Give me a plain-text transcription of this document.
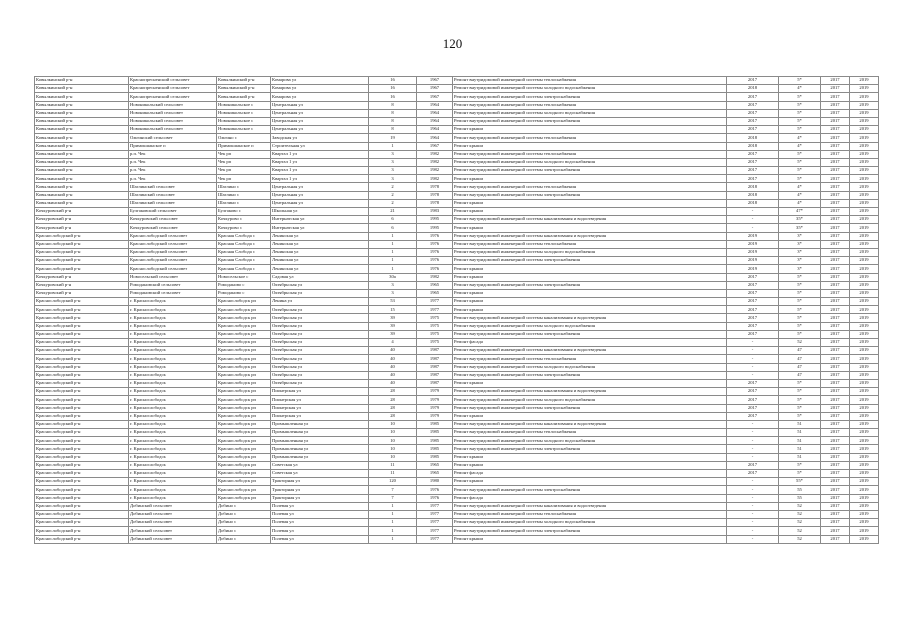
120
Ковылкинский р-н	Краснопресненский сельсовет	Ковылкинский р-н	Комарова ул	16	1967	Ремонт внутридомовой инженерной системы теплоснабжения	2017	5*	2017	2019
Ковылкинский р-н	Краснопресненский сельсовет	Ковылкинский р-н	Комарова ул	16	1967	Ремонт внутридомовой инженерной системы холодного водоснабжения	2018	4*	2017	2019
Ковылкинский р-н	Краснопресненский сельсовет	Ковылкинский р-н	Комарова ул	16	1967	Ремонт внутридомовой инженерной системы электроснабжения	2017	5*	2017	2019
Ковылкинский р-н	Новоникольский сельсовет	Новоникольское с	Центральная ул	8	1964	Ремонт внутридомовой инженерной системы теплоснабжения	2017	5*	2017	2019
Ковылкинский р-н	Новоникольский сельсовет	Новоникольское с	Центральная ул	8	1964	Ремонт внутридомовой инженерной системы холодного водоснабжения	2017	5*	2017	2019
Ковылкинский р-н	Новоникольский сельсовет	Новоникольское с	Центральная ул	8	1964	Ремонт внутридомовой инженерной системы электроснабжения	2017	5*	2017	2019
Ковылкинский р-н	Новоникольский сельсовет	Новоникольское с	Центральная ул	8	1964	Ремонт крыши	2017	5*	2017	2019
Ковылкинский р-н	Ожгинский сельсовет	Ожгино с	Заводская ул	19	1964	Ремонт внутридомовой инженерной системы теплоснабжения	2018	4*	2017	2019
Ковылкинский р-н	Примокшанское п	Примокшанское п	Строительная ул	1	1967	Ремонт крыши	2018	4*	2017	2019
Ковылкинский р-н	р.п. Чек	Чек рп	Квартал 1 ул	3	1982	Ремонт внутридомовой инженерной системы теплоснабжения	2017	5*	2017	2019
Ковылкинский р-н	р.п. Чек	Чек рп	Квартал 1 ул	3	1982	Ремонт внутридомовой инженерной системы холодного водоснабжения	2017	5*	2017	2019
Ковылкинский р-н	р.п. Чек	Чек рп	Квартал 1 ул	3	1982	Ремонт внутридомовой инженерной системы электроснабжения	2017	5*	2017	2019
Ковылкинский р-н	р.п. Чек	Чек рп	Квартал 1 ул	3	1982	Ремонт крыши	2017	5*	2017	2019
Ковылкинский р-н	Шаглинский сельсовет	Шаглино с	Центральная ул	2	1978	Ремонт внутридомовой инженерной системы теплоснабжения	2018	4*	2017	2019
Ковылкинский р-н	Шаглинский сельсовет	Шаглино с	Центральная ул	2	1978	Ремонт внутридомовой инженерной системы электроснабжения	2018	4*	2017	2019
Ковылкинский р-н	Шаглинский сельсовет	Шаглино с	Центральная ул	2	1978	Ремонт крыши	2018	4*	2017	2019
Кочкуровский р-н	Булгаковский сельсовет	Булгаково с	Школьная ул	21	1983	Ремонт крыши	-	47*	2017	2019
Кочкуровский р-н	Кочкуровский сельсовет	Кочкурово с	Интернатская ул	6	1995	Ремонт внутридомовой инженерной системы канализования и водоотведения	-	35*	2017	2019
Кочкуровский р-н	Кочкуровский сельсовет	Кочкурово с	Интернатская ул	6	1995	Ремонт крыши	-	35*	2017	2019
Краснослободский р-н	Краснослободский сельсовет	Красная Слобода с	Ленинская ул	1	1976	Ремонт внутридомовой инженерной системы канализования и водоотведения	2019	3*	2017	2019
Краснослободский р-н	Краснослободский сельсовет	Красная Слобода с	Ленинская ул	1	1976	Ремонт внутридомовой инженерной системы теплоснабжения	2019	3*	2017	2019
Краснослободский р-н	Краснослободский сельсовет	Красная Слобода с	Ленинская ул	1	1976	Ремонт внутридомовой инженерной системы холодного водоснабжения	2019	3*	2017	2019
Краснослободский р-н	Краснослободский сельсовет	Красная Слобода с	Ленинская ул	1	1976	Ремонт внутридомовой инженерной системы электроснабжения	2019	3*	2017	2019
Краснослободский р-н	Краснослободский сельсовет	Красная Слобода с	Ленинская ул	1	1976	Ремонт крыши	2019	3*	2017	2019
Кочкуровский р-н	Новосельский сельсовет	Новосельское с	Садовая ул	30а	1982	Ремонт крыши	2017	5*	2017	2019
Кочкуровский р-н	Ромодановский сельсовет	Ромоданово с	Октябрьская ул	3	1965	Ремонт внутридомовой инженерной системы электроснабжения	2017	5*	2017	2019
Кочкуровский р-н	Ромодановский сельсовет	Ромоданово с	Октябрьская ул	3	1965	Ремонт крыши	2017	5*	2017	2019
Краснослободский р-н	г. Краснослободск	Краснослободск рп	Ленина ул	53	1977	Ремонт крыши	2017	5*	2017	2019
Краснослободский р-н	г. Краснослободск	Краснослободск рп	Октябрьская ул	15	1977	Ремонт крыши	2017	5*	2017	2019
Краснослободский р-н	г. Краснослободск	Краснослободск рп	Октябрьская ул	39	1975	Ремонт внутридомовой инженерной системы канализования и водоотведения	2017	5*	2017	2019
Краснослободский р-н	г. Краснослободск	Краснослободск рп	Октябрьская ул	39	1975	Ремонт внутридомовой инженерной системы холодного водоснабжения	2017	5*	2017	2019
Краснослободский р-н	г. Краснослободск	Краснослободск рп	Октябрьская ул	39	1975	Ремонт внутридомовой инженерной системы электроснабжения	2017	5*	2017	2019
Краснослободский р-н	г. Краснослободск	Краснослободск рп	Октябрьская ул	4	1975	Ремонт фасада	-	52	2017	2019
Краснослободский р-н	г. Краснослободск	Краснослободск рп	Октябрьская ул	40	1987	Ремонт внутридомовой инженерной системы канализования и водоотведения	-	47	2017	2019
Краснослободский р-н	г. Краснослободск	Краснослободск рп	Октябрьская ул	40	1987	Ремонт внутридомовой инженерной системы теплоснабжения	-	47	2017	2019
Краснослободский р-н	г. Краснослободск	Краснослободск рп	Октябрьская ул	40	1987	Ремонт внутридомовой инженерной системы холодного водоснабжения	-	47	2017	2019
Краснослободский р-н	г. Краснослободск	Краснослободск рп	Октябрьская ул	40	1987	Ремонт внутридомовой инженерной системы электроснабжения	-	47	2017	2019
Краснослободский р-н	г. Краснослободск	Краснослободск рп	Октябрьская ул	40	1987	Ремонт крыши	2017	5*	2017	2019
Краснослободский р-н	г. Краснослободск	Краснослободск рп	Пионерская ул	28	1979	Ремонт внутридомовой инженерной системы канализования и водоотведения	2017	5*	2017	2019
Краснослободский р-н	г. Краснослободск	Краснослободск рп	Пионерская ул	28	1979	Ремонт внутридомовой инженерной системы холодного водоснабжения	2017	5*	2017	2019
Краснослободский р-н	г. Краснослободск	Краснослободск рп	Пионерская ул	28	1979	Ремонт внутридомовой инженерной системы электроснабжения	2017	5*	2017	2019
Краснослободский р-н	г. Краснослободск	Краснослободск рп	Пионерская ул	28	1979	Ремонт крыши	2017	5*	2017	2019
Краснослободский р-н	г. Краснослободск	Краснослободск рп	Промышленная ул	10	1985	Ремонт внутридомовой инженерной системы канализования и водоотведения	-	51	2017	2019
Краснослободский р-н	г. Краснослободск	Краснослободск рп	Промышленная ул	10	1985	Ремонт внутридомовой инженерной системы теплоснабжения	-	51	2017	2019
Краснослободский р-н	г. Краснослободск	Краснослободск рп	Промышленная ул	10	1985	Ремонт внутридомовой инженерной системы холодного водоснабжения	-	51	2017	2019
Краснослободский р-н	г. Краснослободск	Краснослободск рп	Промышленная ул	10	1985	Ремонт внутридомовой инженерной системы электроснабжения	-	51	2017	2019
Краснослободский р-н	г. Краснослободск	Краснослободск рп	Промышленная ул	10	1985	Ремонт крыши	-	51	2017	2019
Краснослободский р-н	г. Краснослободск	Краснослободск рп	Советская ул	11	1965	Ремонт крыши	2017	5*	2017	2019
Краснослободский р-н	г. Краснослободск	Краснослободск рп	Советская ул	11	1965	Ремонт фасада	2017	5*	2017	2019
Краснослободский р-н	г. Краснослободск	Краснослободск рп	Тракторная ул	120	1980	Ремонт крыши	-	55*	2017	2019
Краснослободский р-н	г. Краснослободск	Краснослободск рп	Тракторная ул	7	1976	Ремонт внутридомовой инженерной системы электроснабжения	-	55	2017	2019
Краснослободский р-н	г. Краснослободск	Краснослободск рп	Тракторная ул	7	1976	Ремонт фасада	-	55	2017	2019
Краснослободский р-н	Добинский сельсовет	Добино с	Полевая ул	1	1977	Ремонт внутридомовой инженерной системы канализования и водоотведения	-	52	2017	2019
Краснослободский р-н	Добинский сельсовет	Добино с	Полевая ул	1	1977	Ремонт внутридомовой инженерной системы теплоснабжения	-	52	2017	2019
Краснослободский р-н	Добинский сельсовет	Добино с	Полевая ул	1	1977	Ремонт внутридомовой инженерной системы холодного водоснабжения	-	52	2017	2019
Краснослободский р-н	Добинский сельсовет	Добино с	Полевая ул	1	1977	Ремонт внутридомовой инженерной системы электроснабжения	-	52	2017	2019
Краснослободский р-н	Добинский сельсовет	Добино с	Полевая ул	1	1977	Ремонт крыши	-	52	2017	2019
